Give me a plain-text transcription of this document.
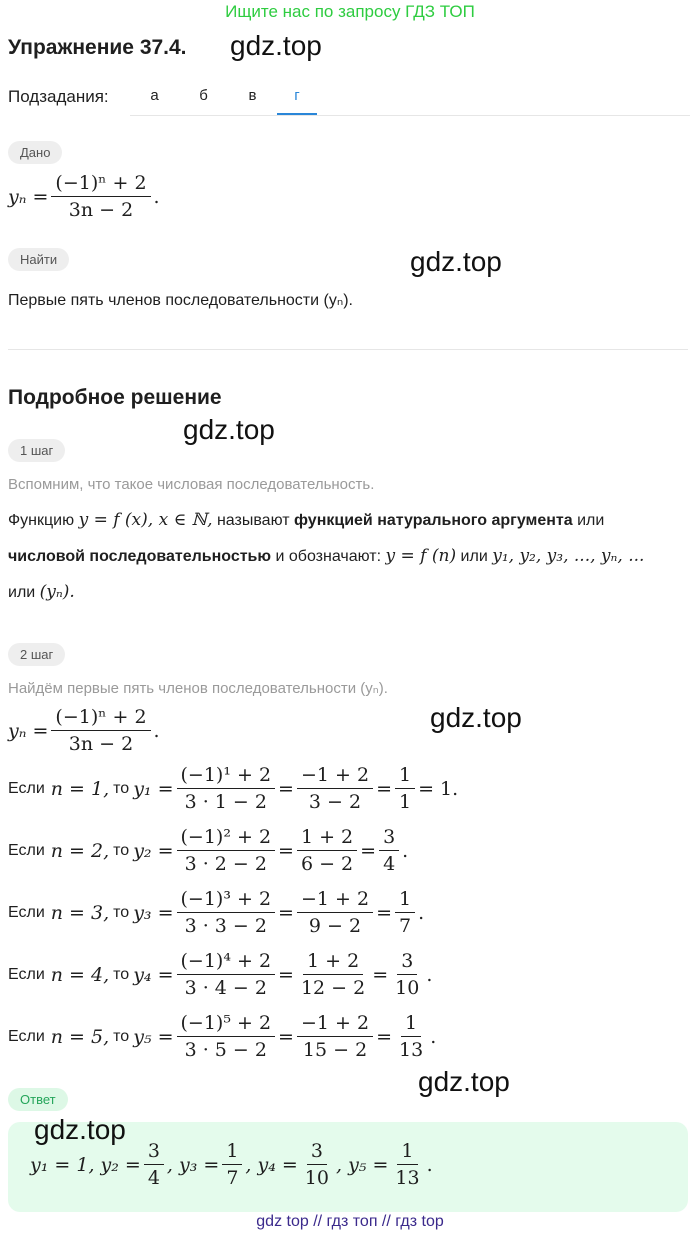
Ищите нас по запросу ГДЗ ТОП
Упражнение 37.4. gdz.top
Подзадания:	а	б	в	г
Дано
$y_n = \frac{\text{(−1)ⁿ + 2}}{3n - 2}$ .
Найти	gdz.top
Первые пять членов последовательности (yₙ).
Подробное решение
gdz.top
1 шаг
Вспомним, что такое числовая последовательность.
Функцию y = f (x), x ∈ ℕ, называют функцией натурального аргумента или
числовой последовательностью и обозначают: y = f (n) или y₁, y₂, y₃, ..., yₙ, ...
или (yₙ).
2 шаг
Найдём первые пять членов последовательности (yₙ).
gdz.top
$y_n = \frac{\text{(−1)ⁿ + 2}}{3n - 2}$ .
Если n = 1, то $y_1 = \frac{\text{(−1)¹ + 2}}{3 \cdot 1 - 2} = \frac{-1 + 2}{3 - 2} = \frac{1}{1} = 1$.
Если n = 2, то $y_2 = \frac{\text{(−1)² + 2}}{3 \cdot 2 - 2} = \frac{1 + 2}{6 - 2} = \frac{3}{4}$ .
Если n = 3, то $y_3 = \frac{\text{(−1)³ + 2}}{3 \cdot 3 - 2} = \frac{-1 + 2}{9 - 2} = \frac{1}{7}$ .
Если n = 4, то $y_4 = \frac{\text{(−1)⁴ + 2}}{3 \cdot 4 - 2} = \frac{1 + 2}{12 - 2} = \frac{3}{10}$ .
Если n = 5, то $y_5 = \frac{\text{(−1)⁵ + 2}}{3 \cdot 5 - 2} = \frac{-1 + 2}{15 - 2} = \frac{1}{13}$ .
gdz.top
Ответ
gdz.top
y₁ = 1, $y_2 = \frac{3}{4}$ , $y_3 = \frac{1}{7}$ , $y_4 = \frac{3}{10}$ , $y_5 = \frac{1}{13}$ .
gdz top // гдз топ // гдз top
